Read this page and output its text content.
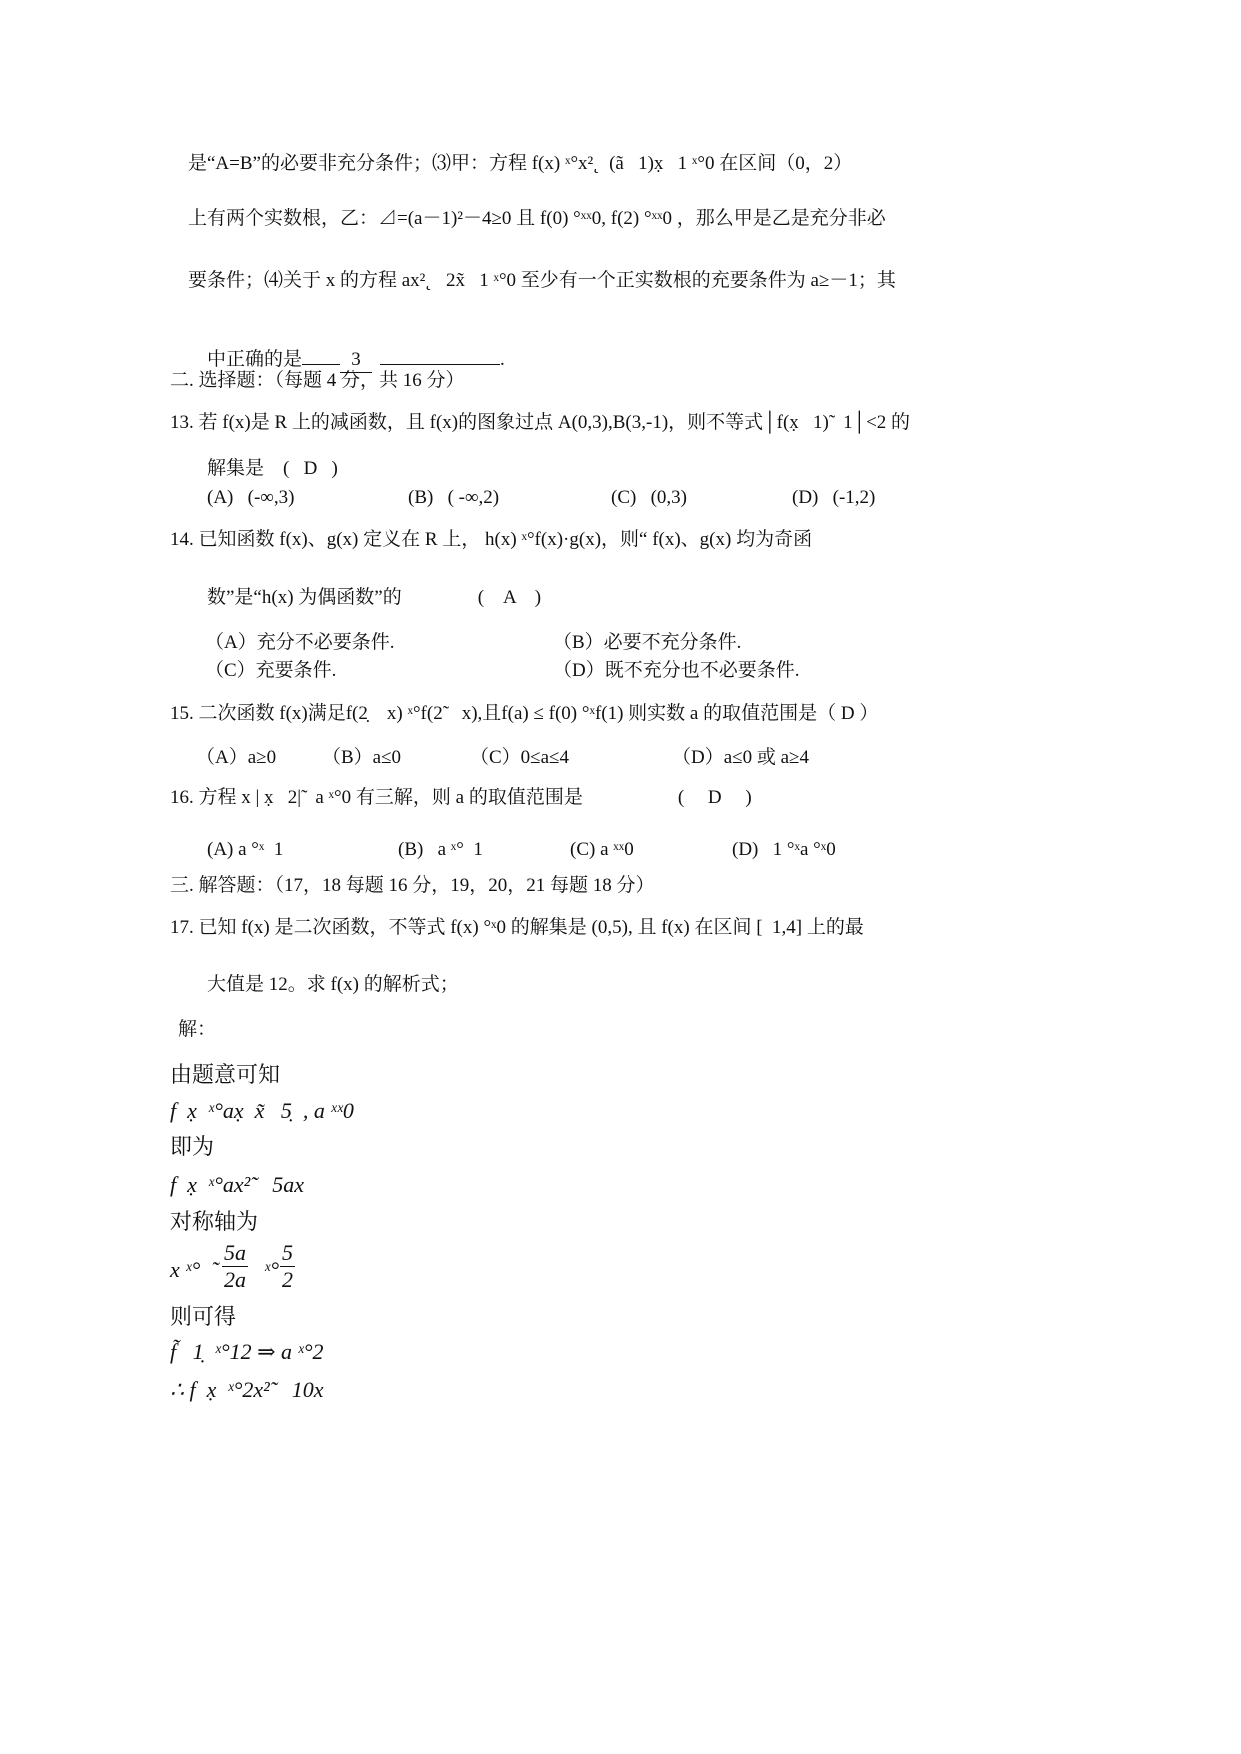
是“A=B”的必要非充分条件；⑶甲：方程 f(x) ˣ°x²˛  (ã   1)x̣   1 ˣ°0 在区间（0，2）
上有两个实数根，乙：⊿=(a－1)²－4≥0 且 f(0) °ˣˣ0, f(2) °ˣˣ0 ，那么甲是乙是充分非必
要条件；⑷关于 x 的方程 ax²˛   2x̃   1 ˣ°0 至少有一个正实数根的充要条件为 a≥－1；其

中正确的是	3	.

二. 选择题：（每题 4 分，共 16 分）
13. 若 f(x)是 R 上的减函数，且 f(x)的图象过点 A(0,3),B(3,-1)，则不等式│f(x̣   1)̃   1│<2 的
解集是    (   D   )
(A)   (-∞,3)	(B)   ( -∞,2)	(C)   (0,3)	(D)   (-1,2)
14. 已知函数 f(x)、g(x) 定义在 R 上， h(x) ˣ°f(x)·g(x)，则“ f(x)、g(x) 均为奇函
数”是“h(x) 为偶函数”的                (    A    )
（A）充分不必要条件.	（B）必要不充分条件.
（C）充要条件.	（D）既不充分也不必要条件.
15. 二次函数 f(x)满足f(2̣    x) ˣ°f(2̃    x),且f(a) ≤ f(0) °ˣf(1) 则实数 a 的取值范围是（ D ）
（A）a≥0 （B）a≤0	（C）0≤a≤4	（D）a≤0 或 a≥4
16. 方程 x | x̣   2|̃   a ˣ°0 有三解，则 a 的取值范围是                    (     D     )
(A) a °ˣ  1	(B)   a ˣ°  1	(C) a ˣˣ0	(D)   1 °ˣa °ˣ0
三. 解答题：（17，18 每题 16 分，19，20，21 每题 18 分）
17. 已知 f(x) 是二次函数，不等式 f(x) °ˣ0 的解集是 (0,5), 且 f(x) 在区间 [  1,4] 上的最
大值是 12。求 f(x) 的解析式；
解：
由题意可知
f  x̣  ˣ°ax̣  x̃   5̣  , a ˣˣ0
即为
f  x̣  ˣ°ax²̃    5ax
对称轴为
x ˣ°  ̃ $\frac{5a}{2a}$ ˣ° $\frac{5}{2}$
则可得
f̃   1̣  ˣ°12 ⇒ a ˣ°2
∴ f  x̣  ˣ°2x²̃    10x
